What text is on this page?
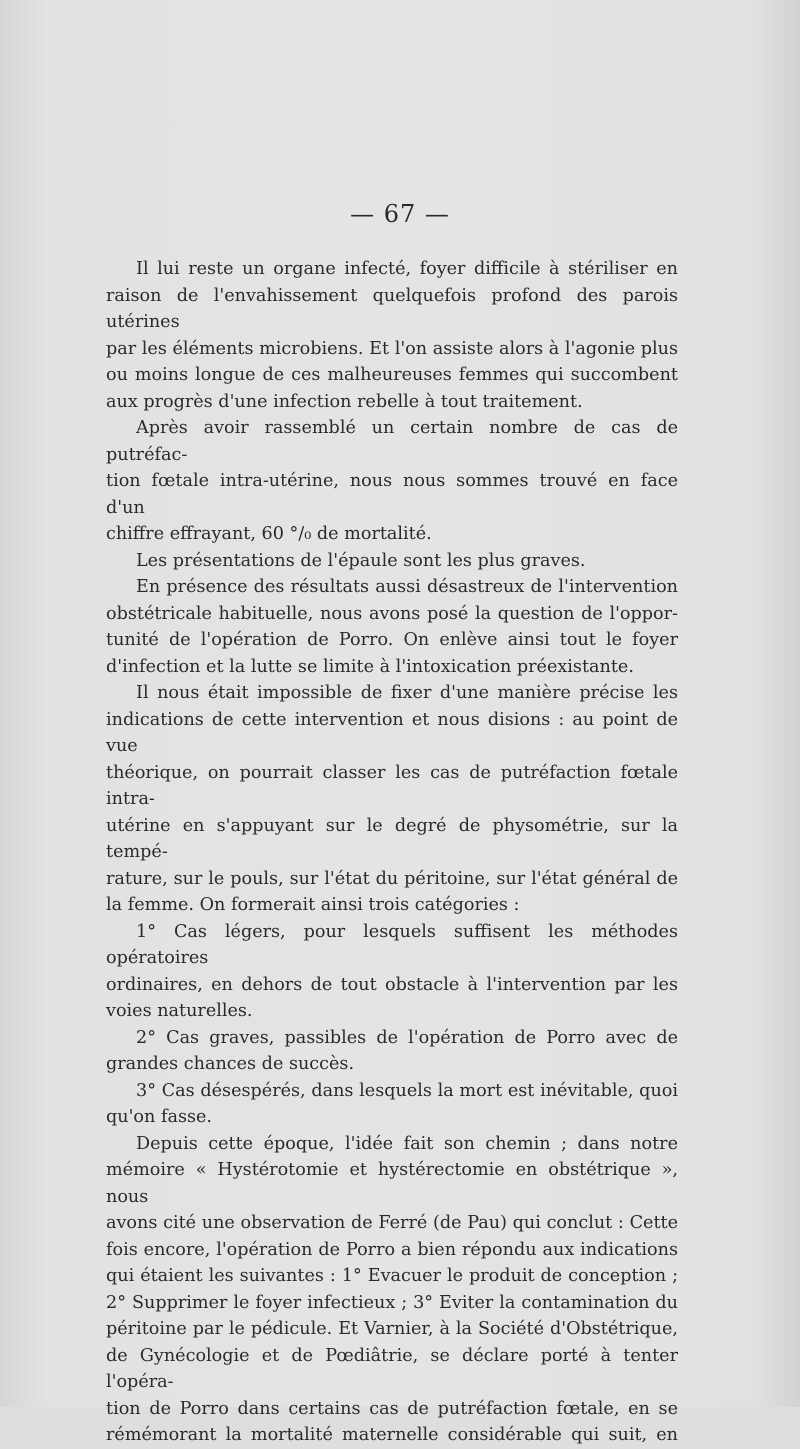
— 67 —

Il lui reste un organe infecté, foyer difficile à stériliser en

raison de l'envahissement quelquefois profond des parois utérines

par les éléments microbiens. Et l'on assiste alors à l'agonie plus

ou moins longue de ces malheureuses femmes qui succombent

aux progrès d'une infection rebelle à tout traitement.

Après avoir rassemblé un certain nombre de cas de putréfac-

tion fœtale intra-utérine, nous nous sommes trouvé en face d'un

chiffre effrayant, 60 °/₀ de mortalité.

Les présentations de l'épaule sont les plus graves.

En présence des résultats aussi désastreux de l'intervention

obstétricale habituelle, nous avons posé la question de l'oppor-

tunité de l'opération de Porro. On enlève ainsi tout le foyer

d'infection et la lutte se limite à l'intoxication préexistante.

Il nous était impossible de fixer d'une manière précise les

indications de cette intervention et nous disions : au point de vue

théorique, on pourrait classer les cas de putréfaction fœtale intra-

utérine en s'appuyant sur le degré de physométrie, sur la tempé-

rature, sur le pouls, sur l'état du péritoine, sur l'état général de

la femme. On formerait ainsi trois catégories :

1° Cas légers, pour lesquels suffisent les méthodes opératoires

ordinaires, en dehors de tout obstacle à l'intervention par les

voies naturelles.

2° Cas graves, passibles de l'opération de Porro avec de

grandes chances de succès.

3° Cas désespérés, dans lesquels la mort est inévitable, quoi

qu'on fasse.

Depuis cette époque, l'idée fait son chemin ; dans notre

mémoire « Hystérotomie et hystérectomie en obstétrique », nous

avons cité une observation de Ferré (de Pau) qui conclut : Cette

fois encore, l'opération de Porro a bien répondu aux indications

qui étaient les suivantes : 1° Evacuer le produit de conception ;

2° Supprimer le foyer infectieux ; 3° Eviter la contamination du

péritoine par le pédicule. Et Varnier, à la Société d'Obstétrique,

de Gynécologie et de Pœdiâtrie, se déclare porté à tenter l'opéra-

tion de Porro dans certains cas de putréfaction fœtale, en se

rémémorant la mortalité maternelle considérable qui suit, en
